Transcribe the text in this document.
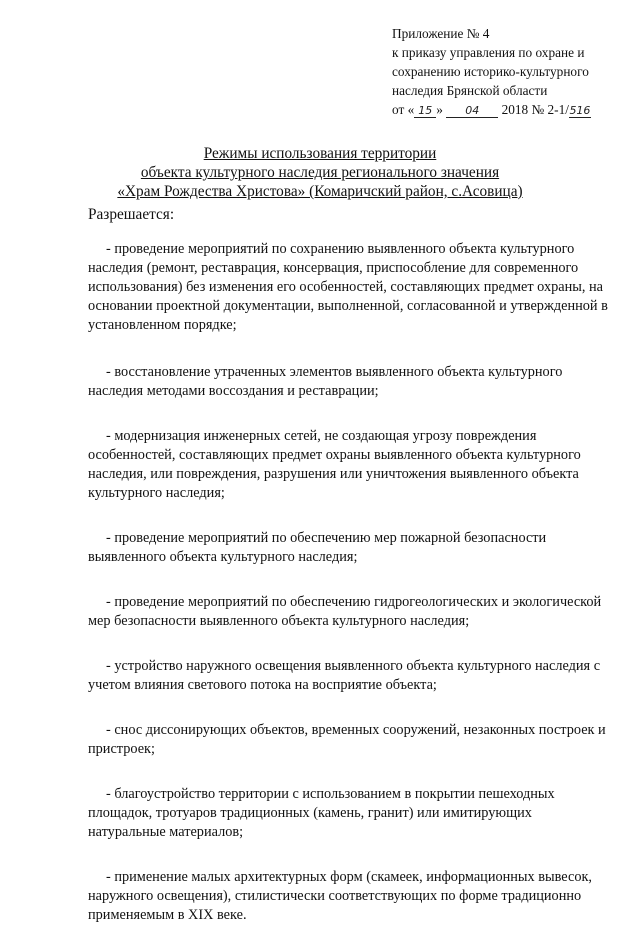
Приложение № 4
к приказу управления по охране и
сохранению историко-культурного
наследия Брянской области
от « 15 » 04 2018 № 2-1/516
Режимы использования территории
объекта культурного наследия регионального значения
«Храм Рождества Христова» (Комаричский район, с.Асовица)
Разрешается:

- проведение мероприятий по сохранению выявленного объекта культурного наследия (ремонт, реставрация, консервация, приспособление для современного использования) без изменения его особенностей, составляющих предмет охраны, на основании проектной документации, выполненной, согласованной и утвержденной в установленном порядке;

- восстановление утраченных элементов выявленного объекта культурного наследия методами воссоздания и реставрации;

- модернизация инженерных сетей, не создающая угрозу повреждения особенностей, составляющих предмет охраны выявленного объекта культурного наследия, или повреждения, разрушения или уничтожения выявленного объекта культурного наследия;

- проведение мероприятий по обеспечению мер пожарной безопасности выявленного объекта культурного наследия;

- проведение мероприятий по обеспечению гидрогеологических и экологической мер безопасности выявленного объекта культурного наследия;

- устройство наружного освещения выявленного объекта культурного наследия с учетом влияния светового потока на восприятие объекта;

- снос диссонирующих объектов, временных сооружений, незаконных построек и пристроек;

- благоустройство территории с использованием в покрытии пешеходных площадок, тротуаров традиционных (камень, гранит) или имитирующих натуральные материалов;

- применение малых архитектурных форм (скамеек, информационных вывесок, наружного освещения), стилистически соответствующих по форме традиционно применяемым в XIX веке.
